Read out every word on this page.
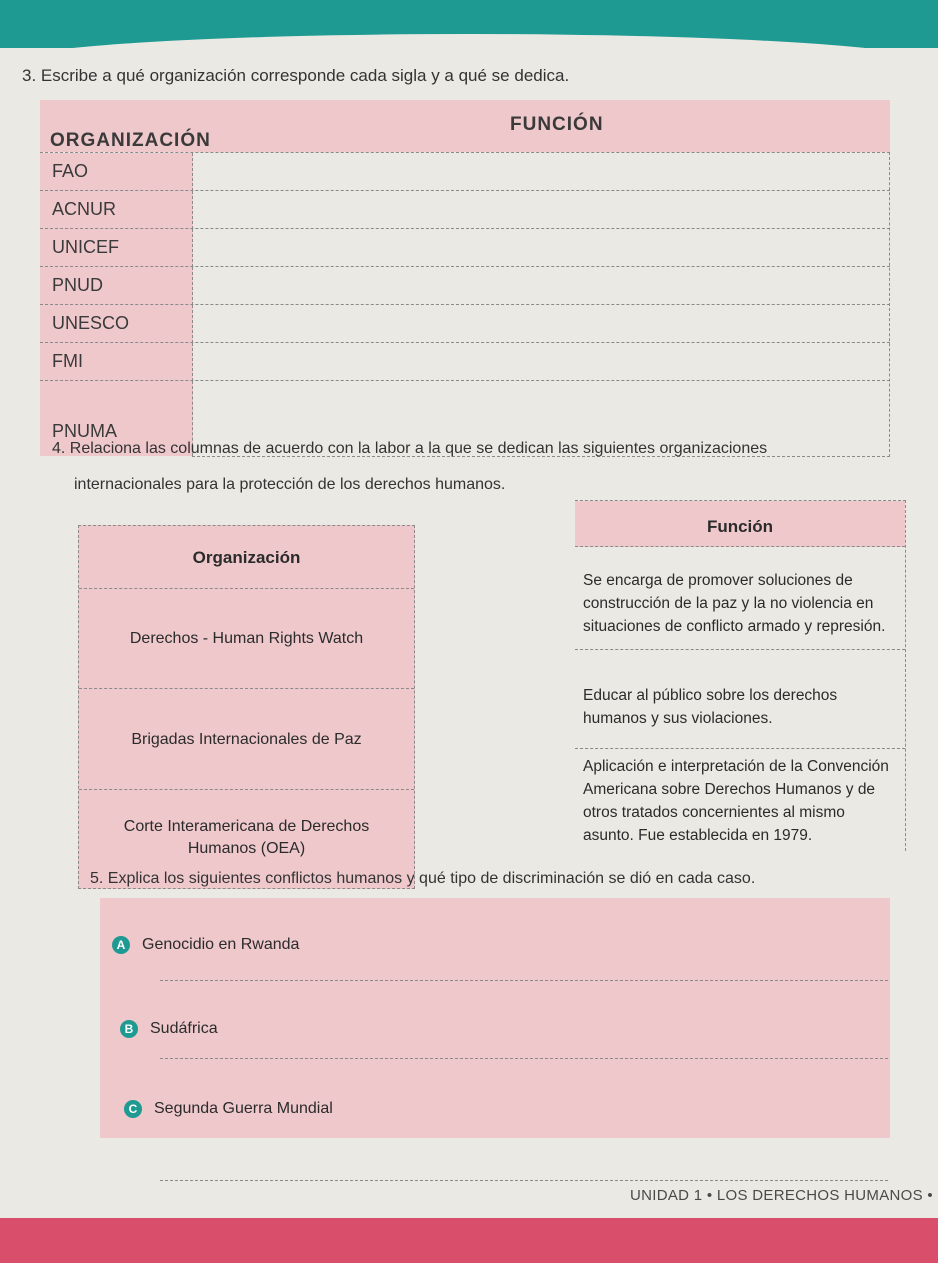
3. Escribe a qué organización corresponde cada sigla y a qué se dedica.
ORGANIZACIÓN
FUNCIÓN
FAO
ACNUR
UNICEF
PNUD
UNESCO
FMI
PNUMA
4. Relaciona las columnas de acuerdo con la labor a la que se dedican las siguientes organizaciones
internacionales para la protección de los derechos humanos.
Organización
Derechos - Human Rights Watch
Brigadas Internacionales de Paz
Corte Interamericana de Derechos
Humanos (OEA)
Función
Se encarga de promover soluciones de construcción de la paz y la no violencia en situaciones de conflicto armado y represión.
Educar al público sobre los derechos humanos y sus violaciones.
Aplicación e interpretación de la Convención Americana sobre Derechos Humanos y de otros tratados concernientes al mismo asunto. Fue establecida en 1979.
5. Explica los siguientes conflictos humanos y qué tipo de discriminación se dió en cada caso.
A Genocidio en Rwanda
B Sudáfrica
C Segunda Guerra Mundial
UNIDAD 1 • LOS DERECHOS HUMANOS •
